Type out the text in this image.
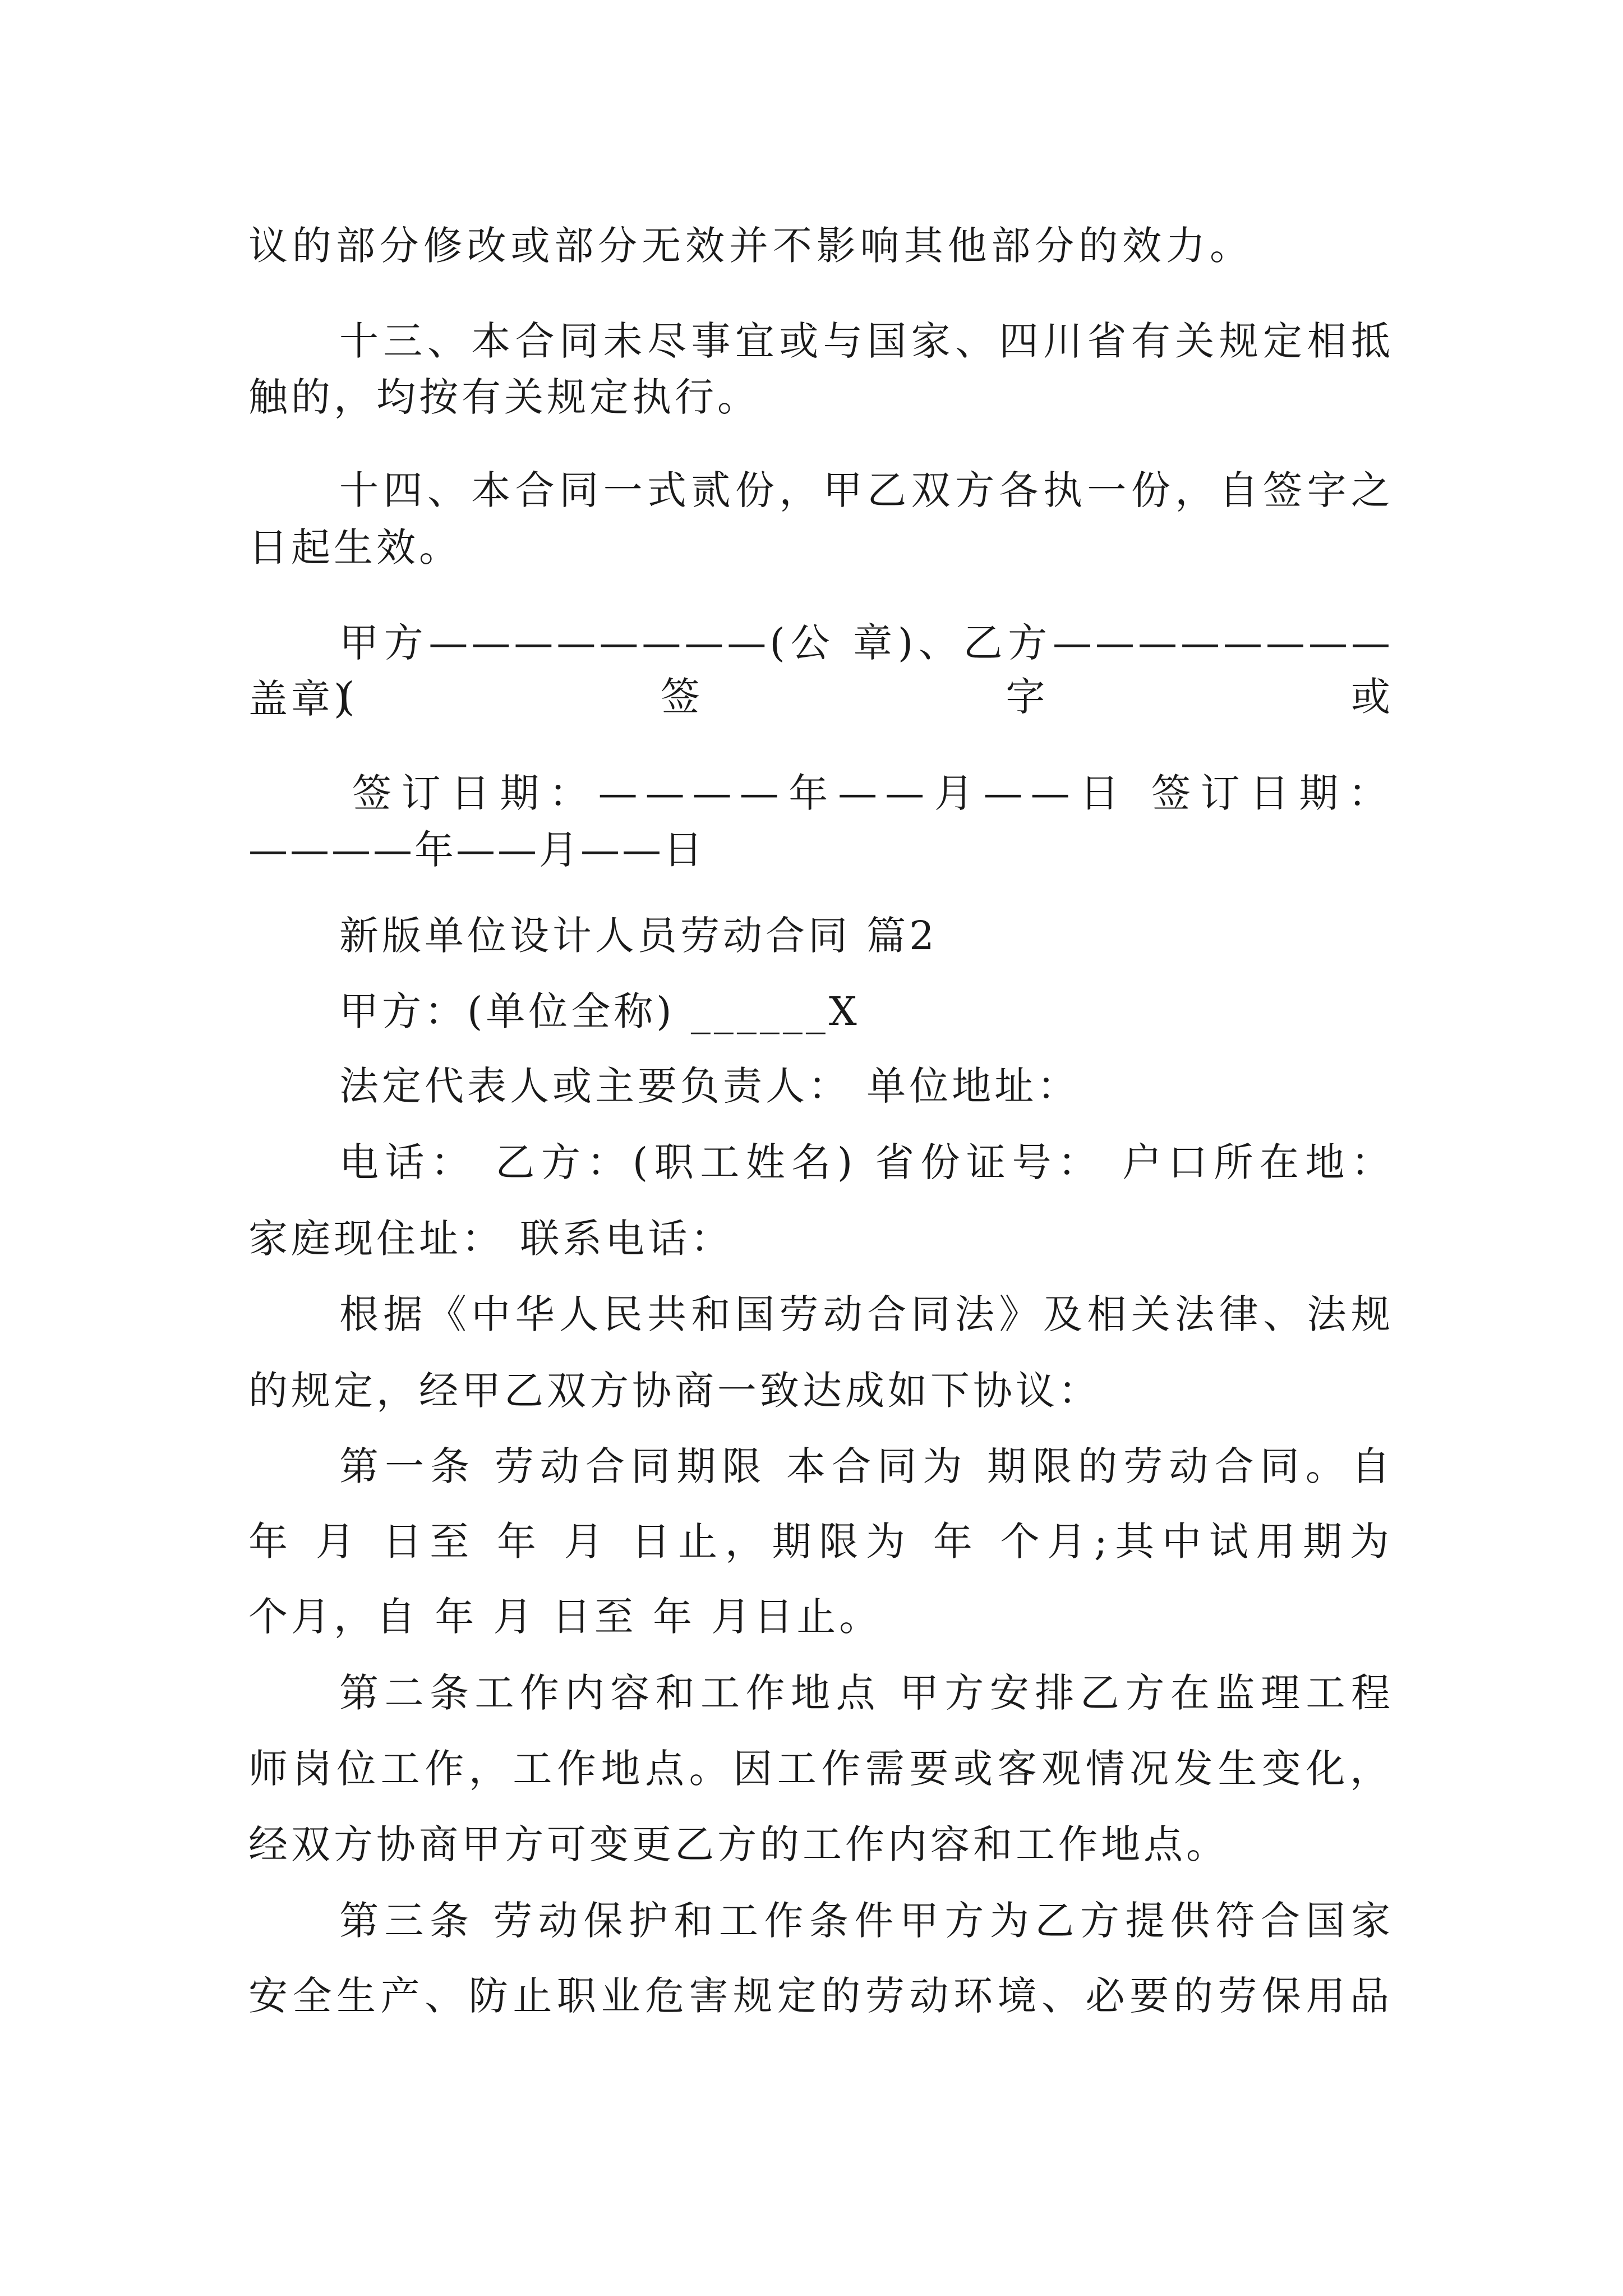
议的部分修改或部分无效并不影响其他部分的效力。
十三、本合同未尽事宜或与国家、四川省有关规定相抵
触的，均按有关规定执行。
十四、本合同一式贰份，甲乙双方各执一份，自签字之
日起生效。
甲方————————(公 章)、乙方————————(签字或
盖章)
签订日期：————年——月——日 签订日期：
————年——月——日
新版单位设计人员劳动合同 篇2
甲方：(单位全称) ______X
法定代表人或主要负责人： 单位地址：
电话： 乙方：(职工姓名) 省份证号： 户口所在地：
家庭现住址： 联系电话：
根据《中华人民共和国劳动合同法》及相关法律、法规
的规定，经甲乙双方协商一致达成如下协议：
第一条 劳动合同期限 本合同为 期限的劳动合同。自
年 月 日至 年 月 日止，期限为 年 个月;其中试用期为
个月，自 年 月 日至 年 月日止。
第二条工作内容和工作地点 甲方安排乙方在监理工程
师岗位工作，工作地点。因工作需要或客观情况发生变化，
经双方协商甲方可变更乙方的工作内容和工作地点。
第三条 劳动保护和工作条件甲方为乙方提供符合国家
安全生产、防止职业危害规定的劳动环境、必要的劳保用品
